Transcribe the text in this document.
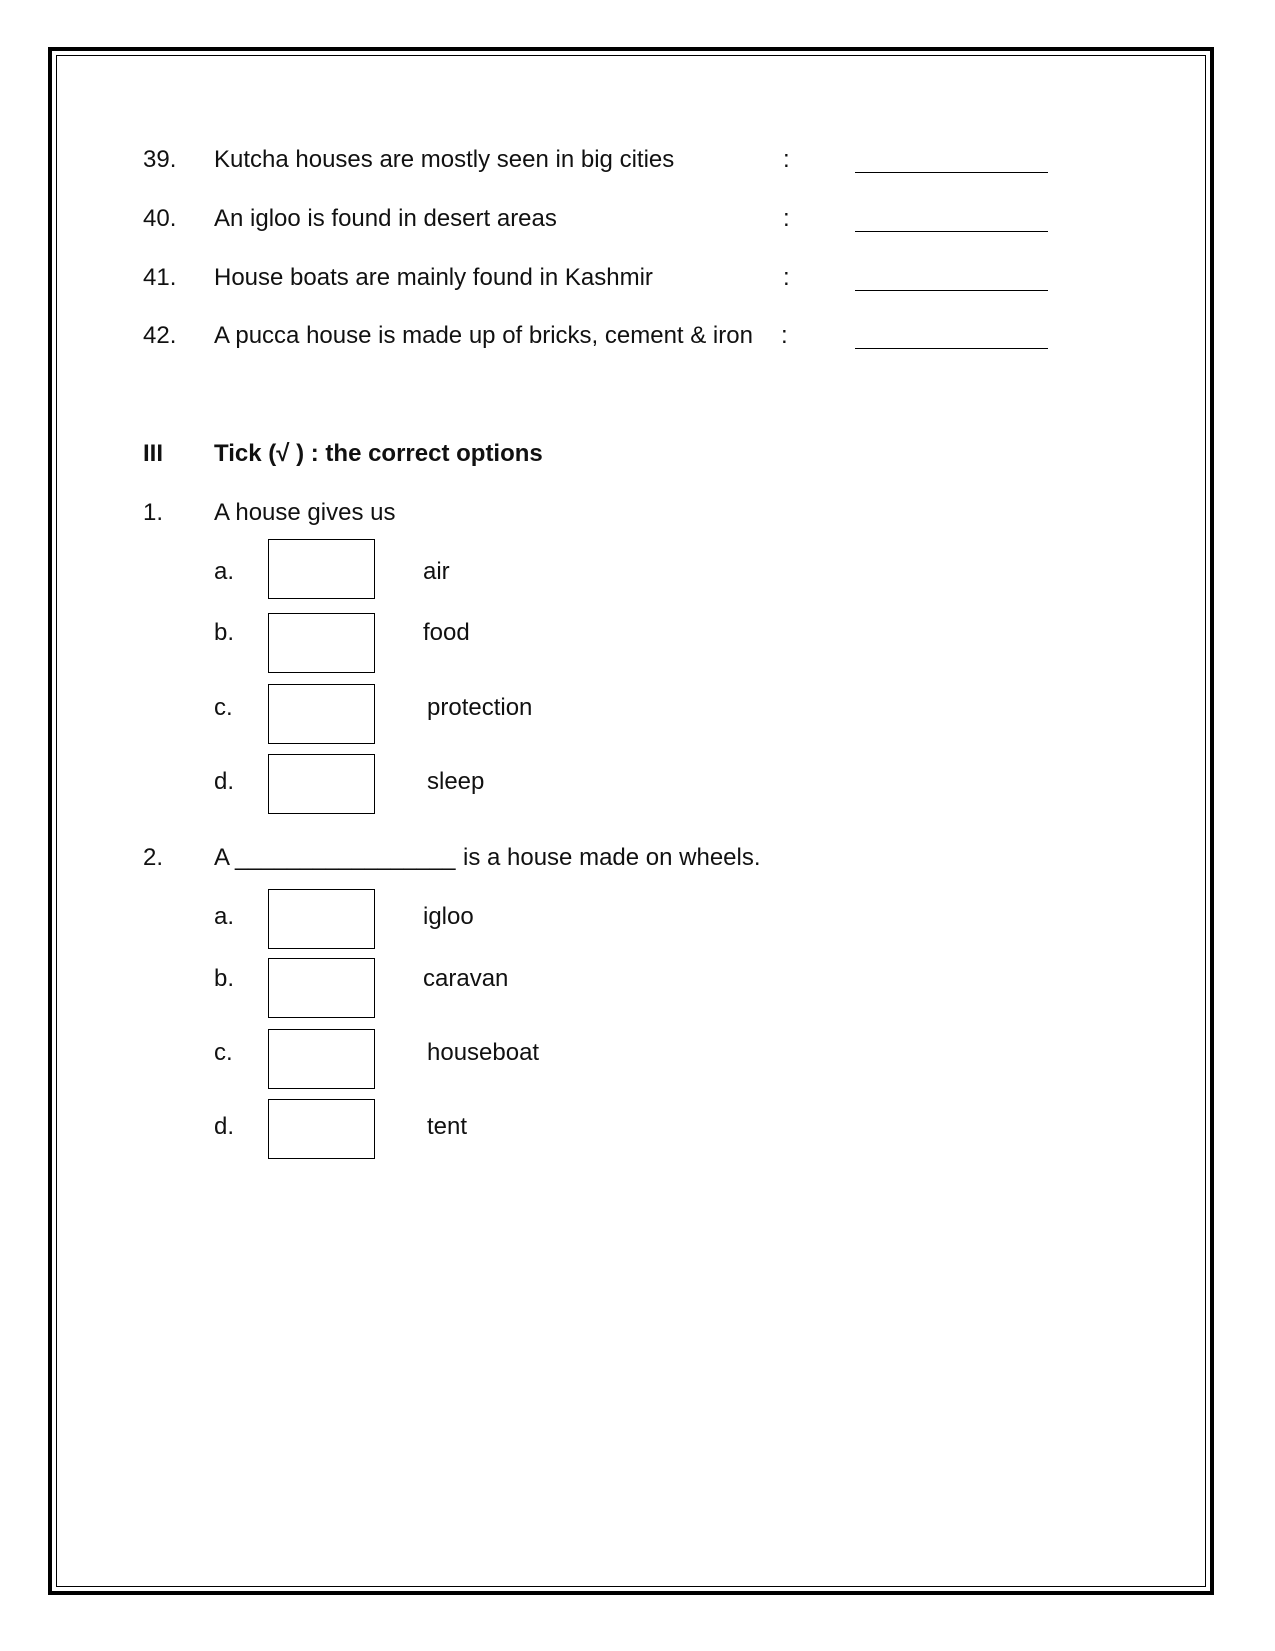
39. Kutcha houses are mostly seen in big cities	:
40. An igloo is found in desert areas	:
41. House boats are mainly found in Kashmir	:
42. A pucca house is made up of bricks, cement & iron :
III Tick (√ ) : the correct options
1. A house gives us
a.	air
b.	food
c.	protection
d.	sleep
2. A _________________ is a house made on wheels.
a.	igloo
b.	caravan
c.	houseboat
d.	tent
